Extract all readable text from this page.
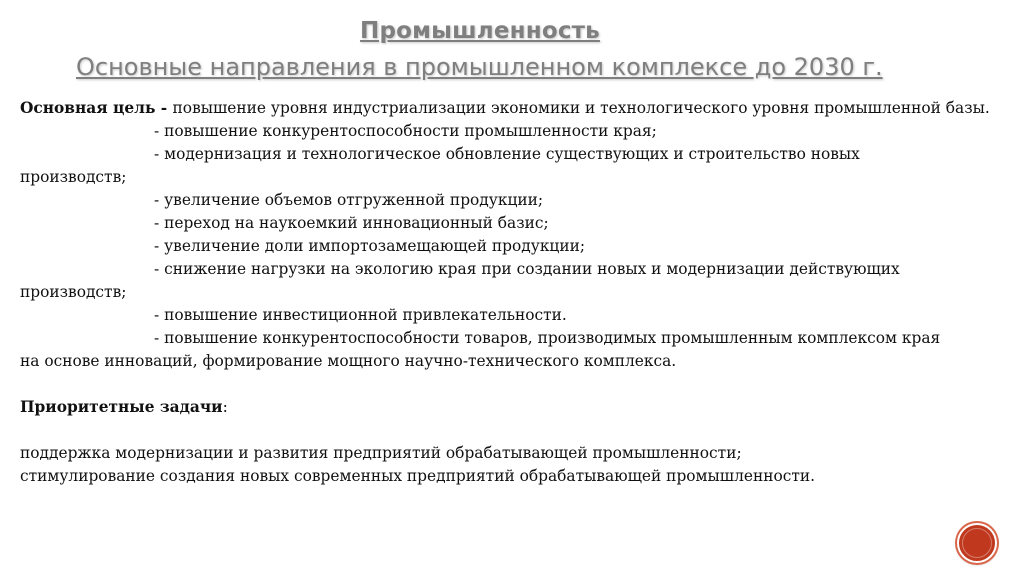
Промышленность
Основные направления в промышленном комплексе до 2030 г.

Основная цель - повышение уровня индустриализации экономики и технологического уровня промышленной базы.

- повышение конкурентоспособности промышленности края;

- модернизация и технологическое обновление существующих и строительство новых

производств;

- увеличение объемов отгруженной продукции;

- переход на наукоемкий инновационный базис;

- увеличение доли импортозамещающей продукции;

- снижение нагрузки на экологию края при создании новых и модернизации действующих

производств;

- повышение инвестиционной привлекательности.

- повышение конкурентоспособности товаров, производимых промышленным комплексом края

на основе инноваций, формирование мощного научно-технического комплекса.

Приоритетные задачи:

поддержка модернизации и развития предприятий обрабатывающей промышленности;

стимулирование создания новых современных предприятий обрабатывающей промышленности.
